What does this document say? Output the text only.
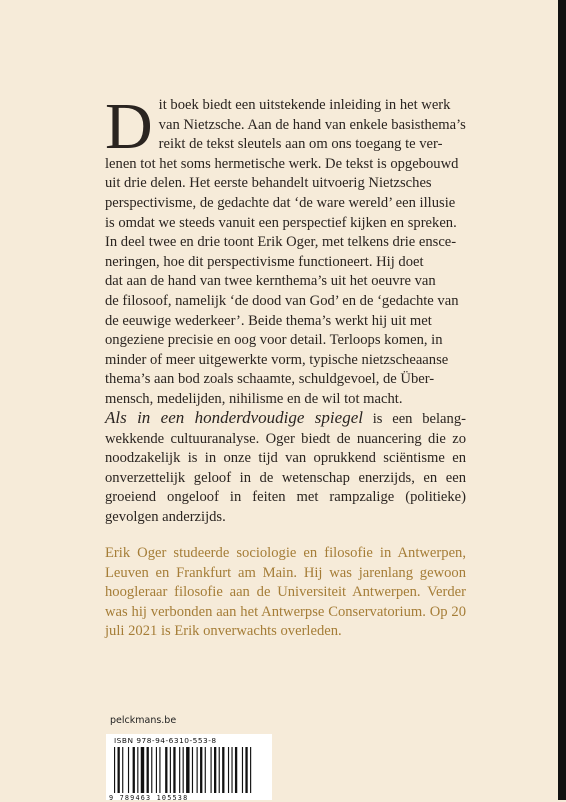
D it boek biedt een uitstekende inleiding in het werk
van Nietzsche. Aan de hand van enkele basisthema’s
reikt de tekst sleutels aan om ons toegang te ver-
lenen tot het soms hermetische werk. De tekst is opgebouwd
uit drie delen. Het eerste behandelt uitvoerig Nietzsches
perspectivisme, de gedachte dat ‘de ware wereld’ een illusie
is omdat we steeds vanuit een perspectief kijken en spreken.
In deel twee en drie toont Erik Oger, met telkens drie ensce-
neringen, hoe dit perspectivisme functioneert. Hij doet
dat aan de hand van twee kernthema’s uit het oeuvre van
de filosoof, namelijk ‘de dood van God’ en de ‘gedachte van
de eeuwige wederkeer’. Beide thema’s werkt hij uit met
ongeziene precisie en oog voor detail. Terloops komen, in
minder of meer uitgewerkte vorm, typische nietzscheaanse
thema’s aan bod zoals schaamte, schuldgevoel, de Über-
mensch, medelijden, nihilisme en de wil tot macht.
Als in een honderdvoudige spiegel is een belang-wekkende cultuuranalyse. Oger biedt de nuancering die zo noodzakelijk is in onze tijd van oprukkend sciëntisme en onverzettelijk geloof in de wetenschap enerzijds, en een groeiend ongeloof in feiten met rampzalige (politieke) gevolgen anderzijds.
Erik Oger studeerde sociologie en filosofie in Antwerpen, Leuven en Frankfurt am Main. Hij was jarenlang gewoon hoogleraar filosofie aan de Universiteit Antwerpen. Verder was hij verbonden aan het Antwerpse Conservatorium. Op 20 juli 2021 is Erik onverwachts overleden.
pelckmans.be
ISBN 978-94-6310-553-8
9 789463 105538
